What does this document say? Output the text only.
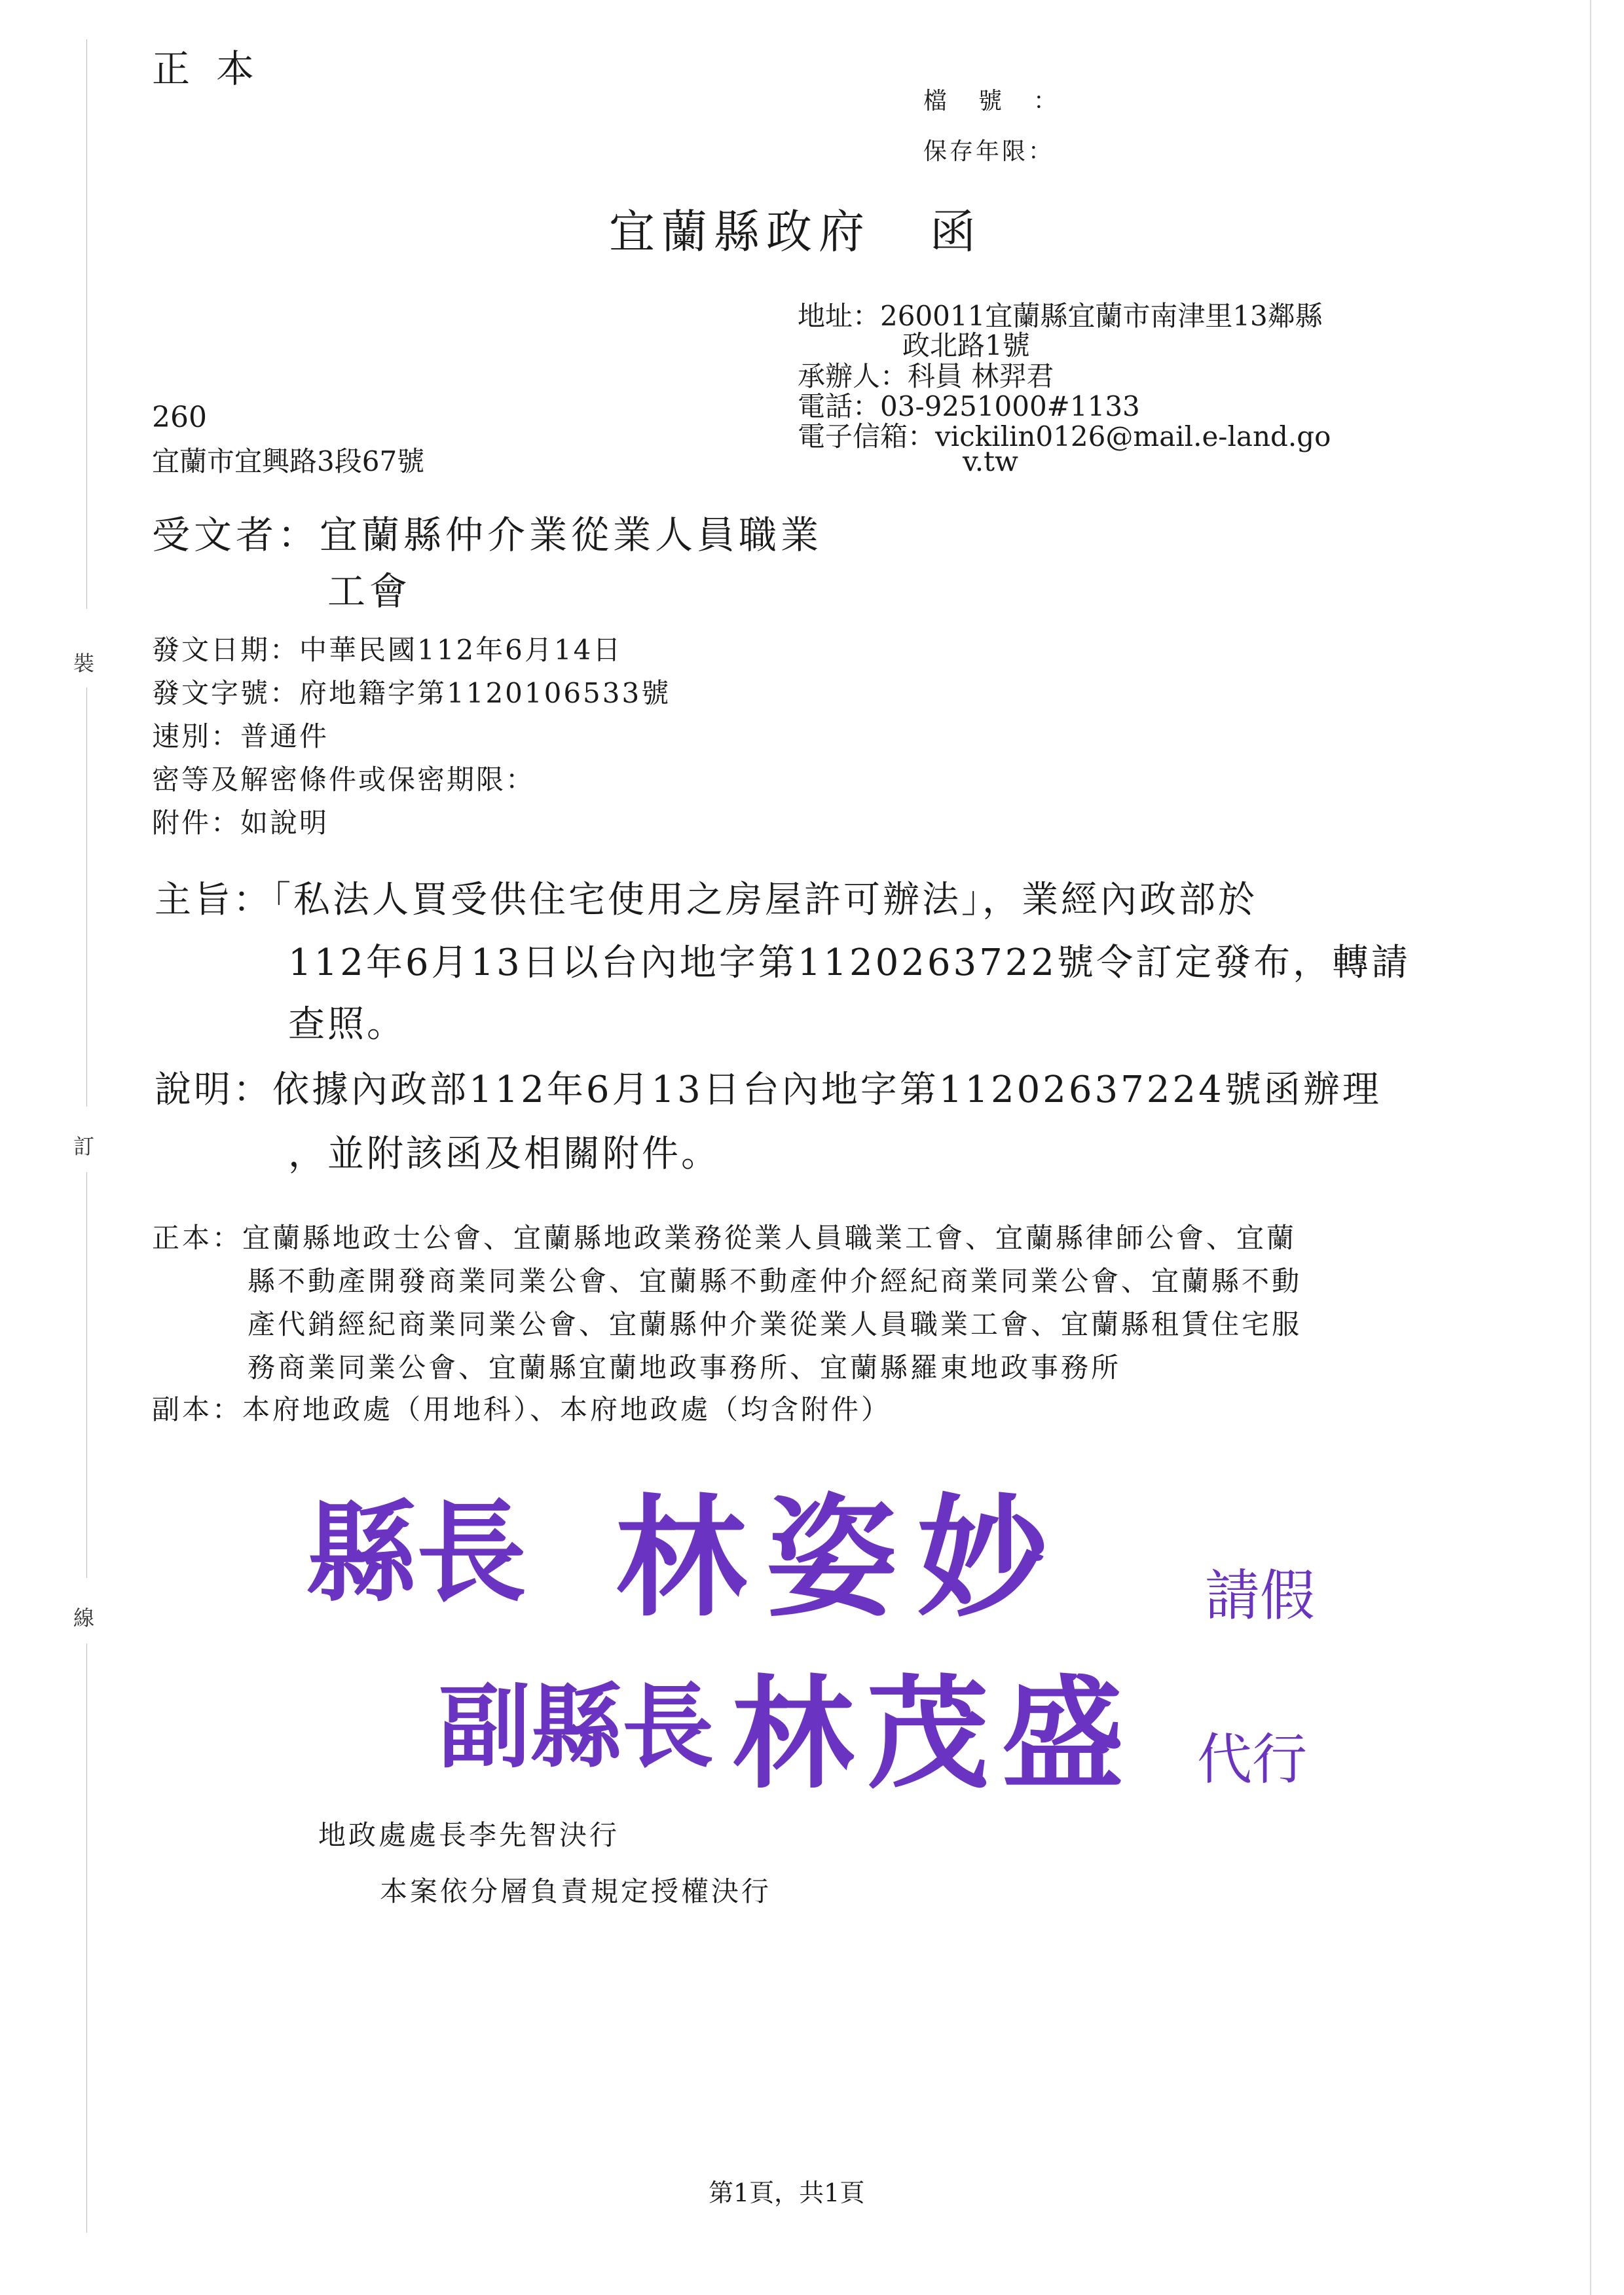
裝
訂
線
正本
檔號：
保存年限：
宜蘭縣政府 函
地址：260011宜蘭縣宜蘭市南津里13鄰縣
政北路1號
承辦人：科員 林羿君
電話：03-9251000#1133
電子信箱：vickilin0126@mail.e-land.go
v.tw
260
宜蘭市宜興路3段67號
受文者：宜蘭縣仲介業從業人員職業
工會
發文日期：中華民國112年6月14日
發文字號：府地籍字第1120106533號
速別：普通件
密等及解密條件或保密期限：
附件：如說明
主旨：「私法人買受供住宅使用之房屋許可辦法」，業經內政部於
112年6月13日以台內地字第1120263722號令訂定發布，轉請
查照。
說明：依據內政部112年6月13日台內地字第11202637224號函辦理
，並附該函及相關附件。
正本：宜蘭縣地政士公會、宜蘭縣地政業務從業人員職業工會、宜蘭縣律師公會、宜蘭
縣不動產開發商業同業公會、宜蘭縣不動產仲介經紀商業同業公會、宜蘭縣不動
產代銷經紀商業同業公會、宜蘭縣仲介業從業人員職業工會、宜蘭縣租賃住宅服
務商業同業公會、宜蘭縣宜蘭地政事務所、宜蘭縣羅東地政事務所
副本：本府地政處（用地科）、本府地政處（均含附件）
縣長 林姿妙 請假
副縣長 林茂盛 代行
地政處處長李先智決行
本案依分層負責規定授權決行
第1頁，共1頁
